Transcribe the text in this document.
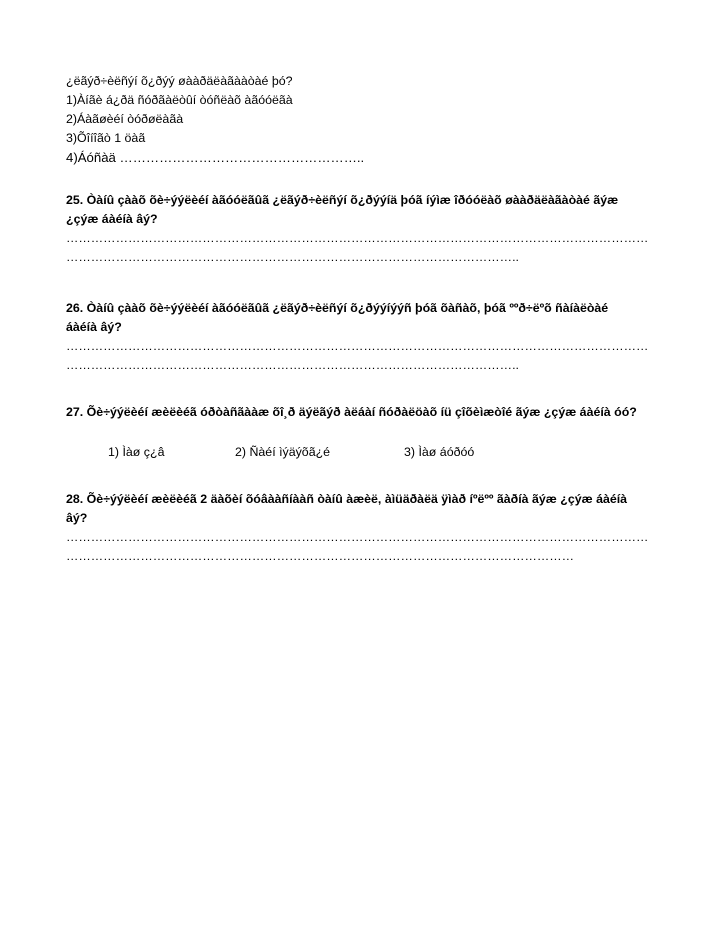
¿ëãýð÷èëñýí õ¿ðýý øààðäëàãààòàé þó?
1)Àíãè á¿ðä ñóðãàëòûí òóñëàõ àãóóëãà
2)Áàãøèéí òóðøëàãà
3)Õîíîãò 1 öàã
4)Áóñàä ………………………………………………..
25. Òàíû çààõ õè÷ýýëèéí àãóóëãûã ¿ëãýð÷èëñýí õ¿ðýýíä þóã íýìæ îðóóëàõ øààðäëàãàòàé ãýæ
¿çýæ áàéíà âý?
……………………………………………………………………………………………………………………………
………………………………………………………………………………………………..
26. Òàíû çààõ õè÷ýýëèéí àãóóëãûã ¿ëãýð÷èëñýí õ¿ðýýíýýñ þóã õàñàõ, þóã ººð÷ëºõ ñàíàëòàé
áàéíà âý?
……………………………………………………………………………………………………………………………
………………………………………………………………………………………………..
27. Õè÷ýýëèéí æèëèéã óðòàñãààæ õî¸ð äýëãýð àëáàí ñóðàëöàõ íü çîõèìæòîé ãýæ ¿çýæ áàéíà óó?
1) Ìàø ç¿â	2) Ñàéí ìýäýõã¿é	3) Ìàø áóðóó
28. Õè÷ýýëèéí æèëèéã 2 äàõèí õóâààñíààñ òàíû àæèë, àìüäðàëä ÿìàð íºëºº ãàðíà ãýæ ¿çýæ áàéíà
âý?
……………………………………………………………………………………………………………………………
……………………………………………………………………………………………………………
